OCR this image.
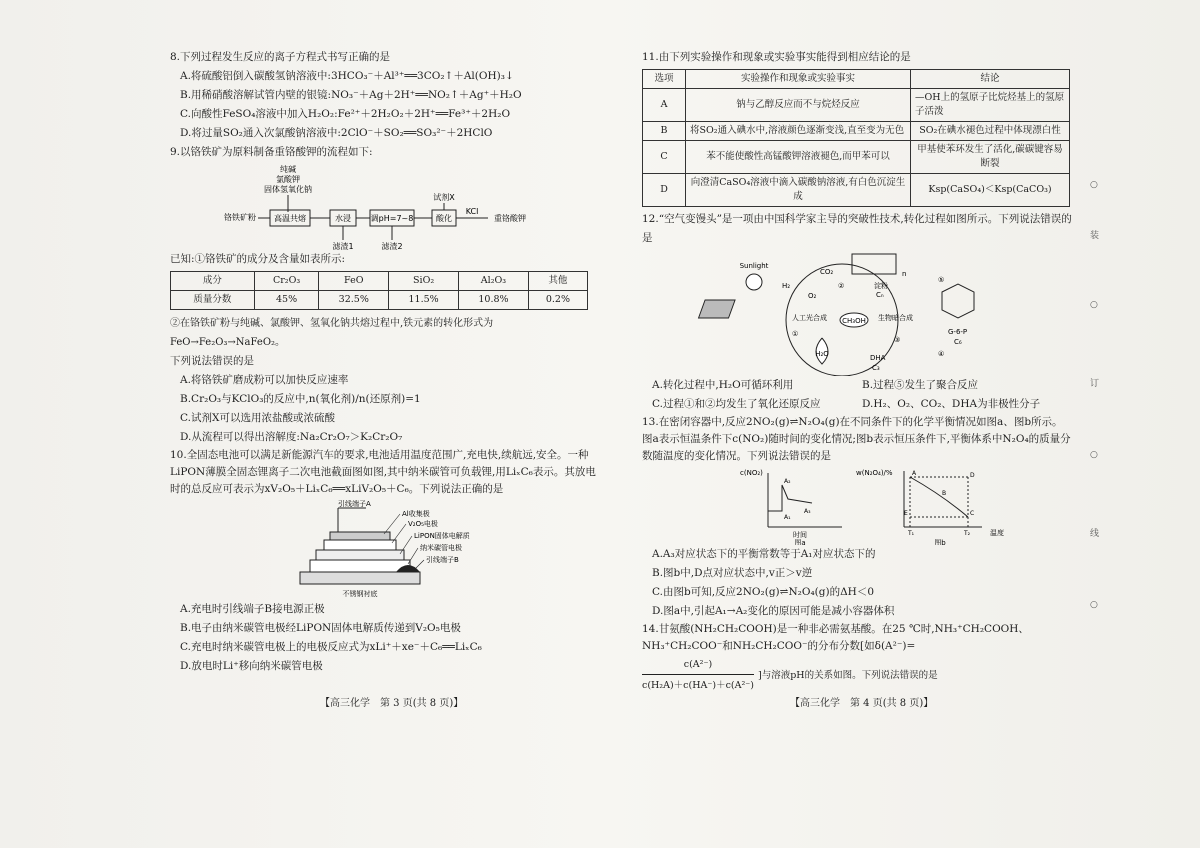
8.下列过程发生反应的离子方程式书写正确的是

A.将硫酸铝倒入碳酸氢钠溶液中:3HCO₃⁻＋Al³⁺══3CO₂↑＋Al(OH)₃↓

B.用稀硝酸溶解试管内壁的银镜:NO₃⁻＋Ag＋2H⁺══NO₂↑＋Ag⁺＋H₂O

C.向酸性FeSO₄溶液中加入H₂O₂:Fe²⁺＋2H₂O₂＋2H⁺══Fe³⁺＋2H₂O

D.将过量SO₂通入次氯酸钠溶液中:2ClO⁻＋SO₂══SO₃²⁻＋2HClO

9.以铬铁矿为原料制备重铬酸钾的流程如下:

纯碱
氯酸钾
固体氢氧化钠
铬铁矿粉 高温共熔	水浸
滤渣1
调pH=7~8
滤渣2
试剂X
酸化
KCl
重铬酸钾

已知:①铬铁矿的成分及含量如表所示:

成分	Cr₂O₃	FeO	SiO₂	Al₂O₃	其他
质量分数	45%	32.5%	11.5%	10.8%	0.2%

②在铬铁矿粉与纯碱、氯酸钾、氢氧化钠共熔过程中,铁元素的转化形式为FeO→Fe₂O₃→NaFeO₂。

下列说法错误的是

A.将铬铁矿磨成粉可以加快反应速率

B.Cr₂O₃与KClO₃的反应中,n(氧化剂)/n(还原剂)=1

C.试剂X可以选用浓盐酸或浓硫酸

D.从流程可以得出溶解度:Na₂Cr₂O₇＞K₂Cr₂O₇

10.全固态电池可以满足新能源汽车的要求,电池适用温度范围广,充电快,续航远,安全。一种LiPON薄膜全固态锂离子二次电池截面图如图,其中纳米碳管可负载锂,用LiₓC₆表示。其放电时的总反应可表示为xV₂O₅＋LiₓC₆══xLiV₂O₅＋C₆。下列说法正确的是

引线端子A
Al收集极
V₂O₅电极
LiPON固体电解质
纳米碳管电极
引线端子B
不锈钢衬底

A.充电时引线端子B接电源正极

B.电子由纳米碳管电极经LiPON固体电解质传递到V₂O₅电极

C.充电时纳米碳管电极上的电极反应式为xLi⁺＋xe⁻＋C₆══LiₓC₆

D.放电时Li⁺移向纳米碳管电极

【高三化学　第 3 页(共 8 页)】

11.由下列实验操作和现象或实验事实能得到相应结论的是

选项	实验操作和现象或实验事实	结论
A	钠与乙醇反应而不与烷烃反应	—OH上的氢原子比烷烃基上的氢原子活泼
B	将SO₂通入碘水中,溶液颜色逐渐变浅,直至变为无色	SO₂在碘水褪色过程中体现漂白性
C	苯不能使酸性高锰酸钾溶液褪色,而甲苯可以	甲基使苯环发生了活化,碳碳键容易断裂
D	向澄清CaSO₄溶液中滴入碳酸钠溶液,有白色沉淀生成	Ksp(CaSO₄)＜Ksp(CaCO₃)

12.“空气变馒头”是一项由中国科学家主导的突破性技术,转化过程如图所示。下列说法错误的是

Sunlight
O₂
H₂
CO₂
人工光合成 CH₃OH 生物暗合成
H₂O	DHA
C₃
n
淀粉
Cₙ
G-6-P
C₆
①
②
③
④
⑤

A.转化过程中,H₂O可循环利用	B.过程⑤发生了聚合反应

C.过程①和②均发生了氧化还原反应	D.H₂、O₂、CO₂、DHA为非极性分子

13.在密闭容器中,反应2NO₂(g)⇌N₂O₄(g)在不同条件下的化学平衡情况如图a、图b所示。图a表示恒温条件下c(NO₂)随时间的变化情况;图b表示恒压条件下,平衡体系中N₂O₄的质量分数随温度的变化情况。下列说法错误的是

c(NO₂)
A₂
A₁
A₃
时间
图a
w(N₂O₄)/%	A
B
C
D
E
T₁	T₂	温度
图b

A.A₃对应状态下的平衡常数等于A₁对应状态下的

B.图b中,D点对应状态中,v正＞v逆

C.由图b可知,反应2NO₂(g)⇌N₂O₄(g)的ΔH＜0

D.图a中,引起A₁→A₂变化的原因可能是减小容器体积

14.甘氨酸(NH₂CH₂COOH)是一种非必需氨基酸。在25 ℃时,NH₃⁺CH₂COOH、NH₃⁺CH₂COO⁻和NH₂CH₂COO⁻的分布分数[如δ(A²⁻)=

$\frac{\text{c(A²⁻)}}{\text{c(H₂A)＋c(HA⁻)＋c(A²⁻)}}$ ]与溶液pH的关系如图。下列说法错误的是
【高三化学　第 4 页(共 8 页)】
○
装
○
订
○
线
○
